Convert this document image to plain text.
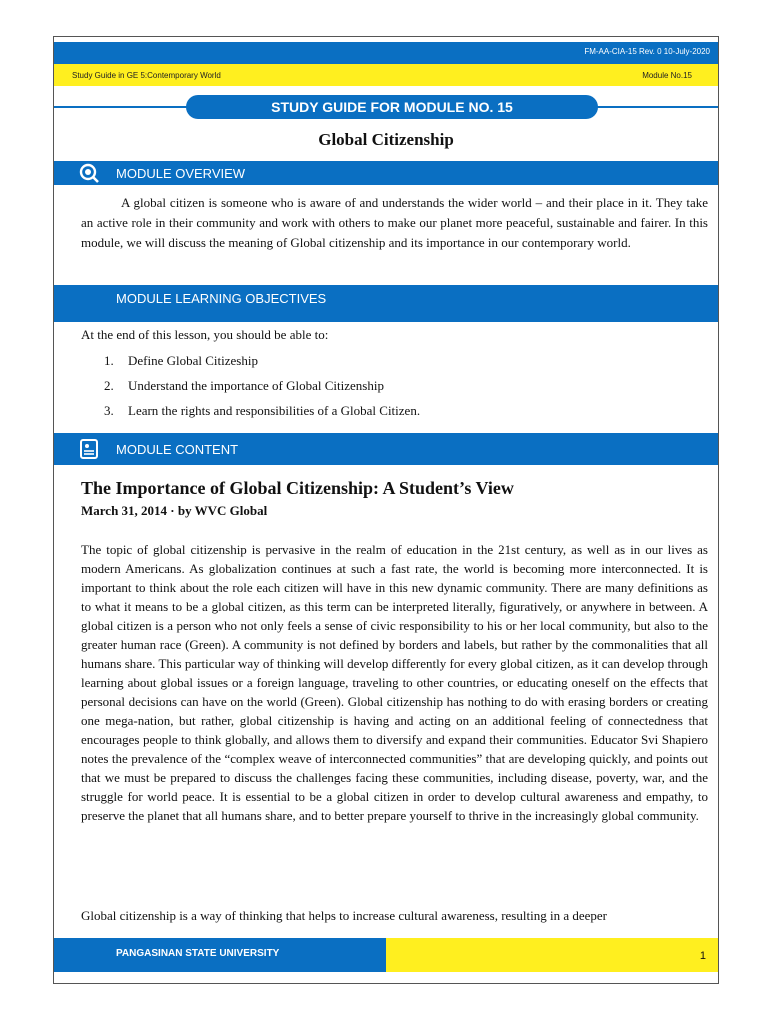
FM-AA-CIA-15 Rev. 0 10-July-2020
Study Guide in GE 5:Contemporary World	Module No.15
STUDY GUIDE FOR MODULE NO. 15
Global Citizenship
MODULE OVERVIEW

A global citizen is someone who is aware of and understands the wider world – and their place in it. They take an active role in their community and work with others to make our planet more peaceful, sustainable and fairer. In this module, we will discuss the meaning of Global citizenship and its importance in our contemporary world.

MODULE LEARNING OBJECTIVES
At the end of this lesson, you should be able to:
1. Define Global Citizeship
2. Understand the importance of Global Citizenship
3. Learn the rights and responsibilities of a Global Citizen.
MODULE CONTENT
The Importance of Global Citizenship: A Student’s View
March 31, 2014 · by WVC Global

The topic of global citizenship is pervasive in the realm of education in the 21st century, as well as in our lives as modern Americans. As globalization continues at such a fast rate, the world is becoming more interconnected. It is important to think about the role each citizen will have in this new dynamic community. There are many definitions as to what it means to be a global citizen, as this term can be interpreted literally, figuratively, or anywhere in between. A global citizen is a person who not only feels a sense of civic responsibility to his or her local community, but also to the greater human race (Green). A community is not defined by borders and labels, but rather by the commonalities that all humans share. This particular way of thinking will develop differently for every global citizen, as it can develop through learning about global issues or a foreign language, traveling to other countries, or educating oneself on the effects that personal decisions can have on the world (Green). Global citizenship has nothing to do with erasing borders or creating one mega-nation, but rather, global citizenship is having and acting on an additional feeling of connectedness that encourages people to think globally, and allows them to diversify and expand their communities. Educator Svi Shapiero notes the prevalence of the “complex weave of interconnected communities” that are developing quickly, and points out that we must be prepared to discuss the challenges facing these communities, including disease, poverty, war, and the struggle for world peace. It is essential to be a global citizen in order to develop cultural awareness and empathy, to preserve the planet that all humans share, and to better prepare yourself to thrive in the increasingly global community.

Global citizenship is a way of thinking that helps to increase cultural awareness, resulting in a deeper

PANGASINAN STATE UNIVERSITY	1
